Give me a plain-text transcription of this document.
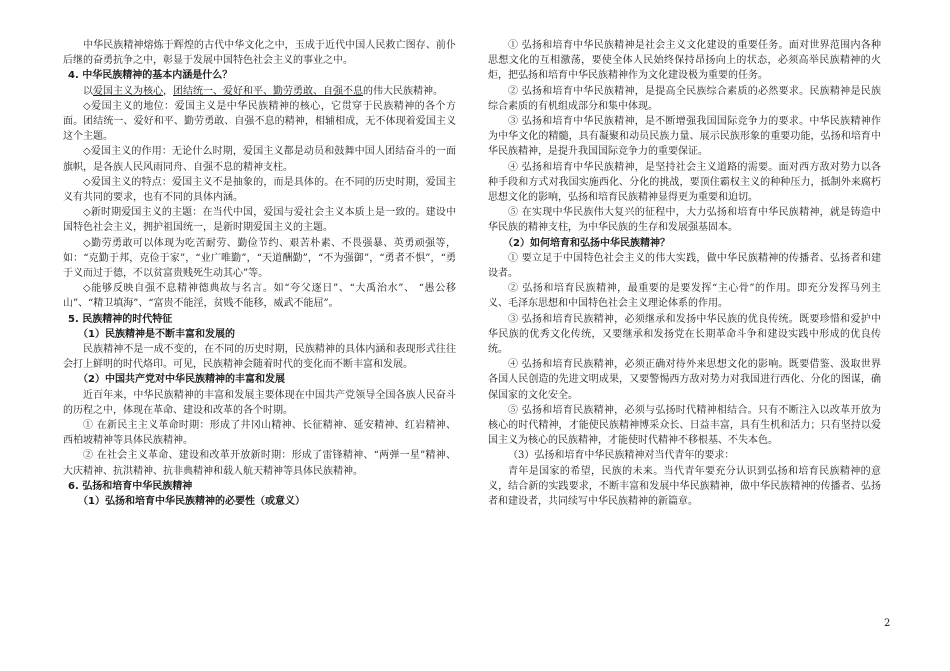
中华民族精神熔炼于辉煌的古代中华文化之中，玉成于近代中国人民救亡图存、前仆后继的奋勇抗争之中，彰显于发展中国特色社会主义的事业之中。

4. 中华民族精神的基本内涵是什么？

以爱国主义为核心，团结统一、爱好和平、勤劳勇敢、自强不息的伟大民族精神。

◇爱国主义的地位：爱国主义是中华民族精神的核心，它贯穿于民族精神的各个方面。团结统一、爱好和平、勤劳勇敢、自强不息的精神，相辅相成，无不体现着爱国主义这个主题。

◇爱国主义的作用：无论什么时期，爱国主义都是动员和鼓舞中国人团结奋斗的一面旗帜，是各族人民风雨同舟、自强不息的精神支柱。

◇爱国主义的特点：爱国主义不是抽象的，而是具体的。在不同的历史时期，爱国主义有共同的要求，也有不同的具体内涵。

◇新时期爱国主义的主题：在当代中国，爱国与爱社会主义本质上是一致的。建设中国特色社会主义，拥护祖国统一，是新时期爱国主义的主题。

◇勤劳勇敢可以体现为吃苦耐劳、勤俭节约、艰苦朴素、不畏强暴、英勇顽强等，如：“克勤于邦，克俭于家”，“业广唯勤”，“天道酬勤”，“不为强御”，“勇者不惧”，“勇于义而过于德，不以贫富贵贱死生动其心”等。

◇能够反映自强不息精神德典故与名言。如“夸父逐日”、“大禹治水”、 “愚公移山”、“精卫填海”、“富贵不能淫，贫贱不能移，威武不能屈”。

5. 民族精神的时代特征

（1）民族精神是不断丰富和发展的

民族精神不是一成不变的，在不同的历史时期，民族精神的具体内涵和表现形式往往会打上鲜明的时代烙印。可见，民族精神会随着时代的变化而不断丰富和发展。

（2）中国共产党对中华民族精神的丰富和发展

近百年来，中华民族精神的丰富和发展主要体现在中国共产党领导全国各族人民奋斗的历程之中，体现在革命、建设和改革的各个时期。

① 在新民主主义革命时期：形成了井冈山精神、长征精神、延安精神、红岩精神、西柏坡精神等具体民族精神。

② 在社会主义革命、建设和改革开放新时期：形成了雷锋精神、“两弹一星”精神、大庆精神、抗洪精神、抗非典精神和载人航天精神等具体民族精神。

6. 弘扬和培育中华民族精神

（1）弘扬和培育中华民族精神的必要性（或意义）

① 弘扬和培育中华民族精神是社会主义文化建设的重要任务。面对世界范围内各种思想文化的互相激荡，要使全体人民始终保持昂扬向上的状态，必须高举民族精神的火炬，把弘扬和培育中华民族精神作为文化建设极为重要的任务。

② 弘扬和培育中华民族精神，是提高全民族综合素质的必然要求。民族精神是民族综合素质的有机组成部分和集中体现。

③ 弘扬和培育中华民族精神，是不断增强我国国际竞争力的要求。中华民族精神作为中华文化的精髓，具有凝聚和动员民族力量、展示民族形象的重要功能，弘扬和培育中华民族精神，是提升我国国际竞争力的重要保证。

④ 弘扬和培育中华民族精神，是坚持社会主义道路的需要。面对西方敌对势力以各种手段和方式对我国实施西化、分化的挑战，要顶住霸权主义的种种压力，抵制外来腐朽思想文化的影响，弘扬和培育民族精神显得更为重要和迫切。

⑤ 在实现中华民族伟大复兴的征程中，大力弘扬和培育中华民族精神，就是铸造中华民族的精神支柱，为中华民族的生存和发展强基固本。

（2）如何培育和弘扬中华民族精神？

① 要立足于中国特色社会主义的伟大实践，做中华民族精神的传播者、弘扬者和建设者。

② 弘扬和培育民族精神，最重要的是要发挥“主心骨”的作用。即充分发挥马列主义、毛泽东思想和中国特色社会主义理论体系的作用。

③ 弘扬和培育民族精神，必须继承和发扬中华民族的优良传统。既要珍惜和爱护中华民族的优秀文化传统，又要继承和发扬党在长期革命斗争和建设实践中形成的优良传统。

④ 弘扬和培育民族精神，必须正确对待外来思想文化的影响。既要借鉴、汲取世界各国人民创造的先进文明成果，又要警惕西方敌对势力对我国进行西化、分化的图谋，确保国家的文化安全。

⑤ 弘扬和培育民族精神，必须与弘扬时代精神相结合。只有不断注入以改革开放为核心的时代精神，才能使民族精神博采众长、日益丰富，具有生机和活力；只有坚持以爱国主义为核心的民族精神，才能使时代精神不移根基、不失本色。

（3）弘扬和培育中华民族精神对当代青年的要求：

青年是国家的希望，民族的未来。当代青年要充分认识到弘扬和培育民族精神的意义，结合新的实践要求，不断丰富和发展中华民族精神，做中华民族精神的传播者、弘扬者和建设者，共同续写中华民族精神的新篇章。

2
